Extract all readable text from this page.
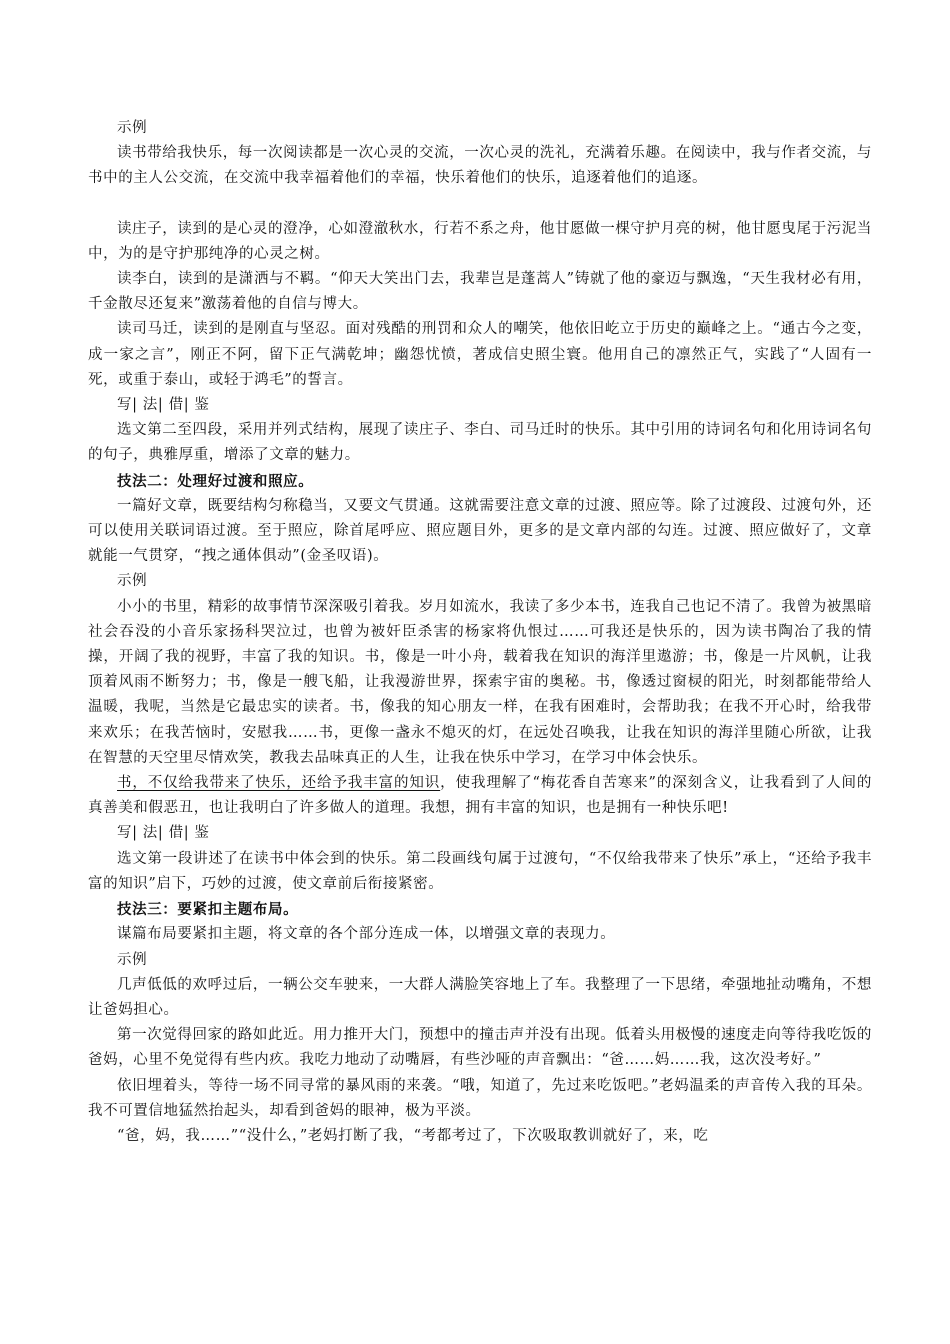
示例

读书带给我快乐，每一次阅读都是一次心灵的交流，一次心灵的洗礼，充满着乐趣。在阅读中，我与作者交流，与书中的主人公交流，在交流中我幸福着他们的幸福，快乐着他们的快乐，追逐着他们的追逐。

读庄子，读到的是心灵的澄净，心如澄澈秋水，行若不系之舟，他甘愿做一棵守护月亮的树，他甘愿曳尾于污泥当中，为的是守护那纯净的心灵之树。

读李白，读到的是潇洒与不羁。“仰天大笑出门去，我辈岂是蓬蒿人”铸就了他的豪迈与飘逸，“天生我材必有用，千金散尽还复来”激荡着他的自信与博大。

读司马迁，读到的是刚直与坚忍。面对残酷的刑罚和众人的嘲笑，他依旧屹立于历史的巅峰之上。“通古今之变，成一家之言”，刚正不阿，留下正气满乾坤；幽怨忧愤，著成信史照尘寰。他用自己的凛然正气，实践了“人固有一死，或重于泰山，或轻于鸿毛”的誓言。

写| 法| 借| 鉴

选文第二至四段，采用并列式结构，展现了读庄子、李白、司马迁时的快乐。其中引用的诗词名句和化用诗词名句的句子，典雅厚重，增添了文章的魅力。

技法二：处理好过渡和照应。

一篇好文章，既要结构匀称稳当，又要文气贯通。这就需要注意文章的过渡、照应等。除了过渡段、过渡句外，还可以使用关联词语过渡。至于照应，除首尾呼应、照应题目外，更多的是文章内部的勾连。过渡、照应做好了，文章就能一气贯穿，“拽之通体俱动”(金圣叹语)。

示例

小小的书里，精彩的故事情节深深吸引着我。岁月如流水，我读了多少本书，连我自己也记不清了。我曾为被黑暗社会吞没的小音乐家扬科哭泣过，也曾为被奸臣杀害的杨家将仇恨过……可我还是快乐的，因为读书陶冶了我的情操，开阔了我的视野，丰富了我的知识。书，像是一叶小舟，载着我在知识的海洋里遨游；书，像是一片风帆，让我顶着风雨不断努力；书，像是一艘飞船，让我漫游世界，探索宇宙的奥秘。书，像透过窗棂的阳光，时刻都能带给人温暖，我呢，当然是它最忠实的读者。书，像我的知心朋友一样，在我有困难时，会帮助我；在我不开心时，给我带来欢乐；在我苦恼时，安慰我……书，更像一盏永不熄灭的灯，在远处召唤我，让我在知识的海洋里随心所欲，让我在智慧的天空里尽情欢笑，教我去品味真正的人生，让我在快乐中学习，在学习中体会快乐。

书，不仅给我带来了快乐，还给予我丰富的知识，使我理解了“梅花香自苦寒来”的深刻含义，让我看到了人间的真善美和假恶丑，也让我明白了许多做人的道理。我想，拥有丰富的知识，也是拥有一种快乐吧!

写| 法| 借| 鉴

选文第一段讲述了在读书中体会到的快乐。第二段画线句属于过渡句，“不仅给我带来了快乐”承上，“还给予我丰富的知识”启下，巧妙的过渡，使文章前后衔接紧密。

技法三：要紧扣主题布局。

谋篇布局要紧扣主题，将文章的各个部分连成一体，以增强文章的表现力。

示例

几声低低的欢呼过后，一辆公交车驶来，一大群人满脸笑容地上了车。我整理了一下思绪，牵强地扯动嘴角，不想让爸妈担心。

第一次觉得回家的路如此近。用力推开大门，预想中的撞击声并没有出现。低着头用极慢的速度走向等待我吃饭的爸妈，心里不免觉得有些内疚。我吃力地动了动嘴唇，有些沙哑的声音飘出：“爸……妈……我，这次没考好。”

依旧埋着头，等待一场不同寻常的暴风雨的来袭。“哦，知道了，先过来吃饭吧。”老妈温柔的声音传入我的耳朵。我不可置信地猛然抬起头，却看到爸妈的眼神，极为平淡。

“爸，妈，我……”“没什么，”老妈打断了我，“考都考过了，下次吸取教训就好了，来，吃
